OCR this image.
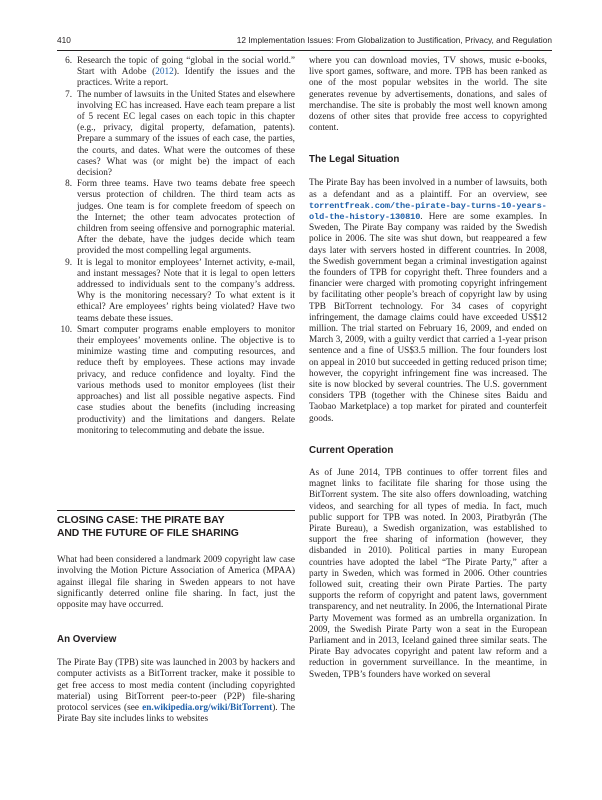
410	12 Implementation Issues: From Globalization to Justification, Privacy, and Regulation
6. Research the topic of going “global in the social world.” Start with Adobe (2012). Identify the issues and the practices. Write a report.
7. The number of lawsuits in the United States and elsewhere involving EC has increased. Have each team prepare a list of 5 recent EC legal cases on each topic in this chapter (e.g., privacy, digital property, defamation, patents). Prepare a summary of the issues of each case, the parties, the courts, and dates. What were the outcomes of these cases? What was (or might be) the impact of each decision?
8. Form three teams. Have two teams debate free speech versus protection of children. The third team acts as judges. One team is for complete freedom of speech on the Internet; the other team advocates protection of children from seeing offensive and pornographic material. After the debate, have the judges decide which team provided the most compelling legal arguments.
9. It is legal to monitor employees’ Internet activity, e-mail, and instant messages? Note that it is legal to open letters addressed to individuals sent to the company’s address. Why is the monitoring necessary? To what extent is it ethical? Are employees’ rights being violated? Have two teams debate these issues.
10. Smart computer programs enable employers to monitor their employees’ movements online. The objective is to minimize wasting time and computing resources, and reduce theft by employees. These actions may invade privacy, and reduce confidence and loyalty. Find the various methods used to monitor employees (list their approaches) and list all possible negative aspects. Find case studies about the benefits (including increasing productivity) and the limitations and dangers. Relate monitoring to telecommuting and debate the issue.
CLOSING CASE: THE PIRATE BAY
AND THE FUTURE OF FILE SHARING

What had been considered a landmark 2009 copyright law case involving the Motion Picture Association of America (MPAA) against illegal file sharing in Sweden appears to not have significantly deterred online file sharing. In fact, just the opposite may have occurred.

An Overview

The Pirate Bay (TPB) site was launched in 2003 by hackers and computer activists as a BitTorrent tracker, make it possible to get free access to most media content (including copyrighted material) using BitTorrent peer-to-peer (P2P) file-sharing protocol services (see en.wikipedia.org/wiki/BitTorrent). The Pirate Bay site includes links to websites

where you can download movies, TV shows, music e-books, live sport games, software, and more. TPB has been ranked as one of the most popular websites in the world. The site generates revenue by advertisements, donations, and sales of merchandise. The site is probably the most well known among dozens of other sites that provide free access to copyrighted content.

The Legal Situation

The Pirate Bay has been involved in a number of lawsuits, both as a defendant and as a plaintiff. For an overview, see torrentfreak.com/the-pirate-bay-turns-10-years-old-the-history-130810. Here are some examples. In Sweden, The Pirate Bay company was raided by the Swedish police in 2006. The site was shut down, but reappeared a few days later with servers hosted in different countries. In 2008, the Swedish government began a criminal investigation against the founders of TPB for copyright theft. Three founders and a financier were charged with promoting copyright infringement by facilitating other people’s breach of copyright law by using TPB BitTorrent technology. For 34 cases of copyright infringement, the damage claims could have exceeded US$12 million. The trial started on February 16, 2009, and ended on March 3, 2009, with a guilty verdict that carried a 1-year prison sentence and a fine of US$3.5 million. The four founders lost on appeal in 2010 but succeeded in getting reduced prison time; however, the copyright infringement fine was increased. The site is now blocked by several countries. The U.S. government considers TPB (together with the Chinese sites Baidu and Taobao Marketplace) a top market for pirated and counterfeit goods.

Current Operation

As of June 2014, TPB continues to offer torrent files and magnet links to facilitate file sharing for those using the BitTorrent system. The site also offers downloading, watching videos, and searching for all types of media. In fact, much public support for TPB was noted. In 2003, Piratbyrån (The Pirate Bureau), a Swedish organization, was established to support the free sharing of information (however, they disbanded in 2010). Political parties in many European countries have adopted the label “The Pirate Party,” after a party in Sweden, which was formed in 2006. Other countries followed suit, creating their own Pirate Parties. The party supports the reform of copyright and patent laws, government transparency, and net neutrality. In 2006, the International Pirate Party Movement was formed as an umbrella organization. In 2009, the Swedish Pirate Party won a seat in the European Parliament and in 2013, Iceland gained three similar seats. The Pirate Bay advocates copyright and patent law reform and a reduction in government surveillance. In the meantime, in Sweden, TPB’s founders have worked on several
